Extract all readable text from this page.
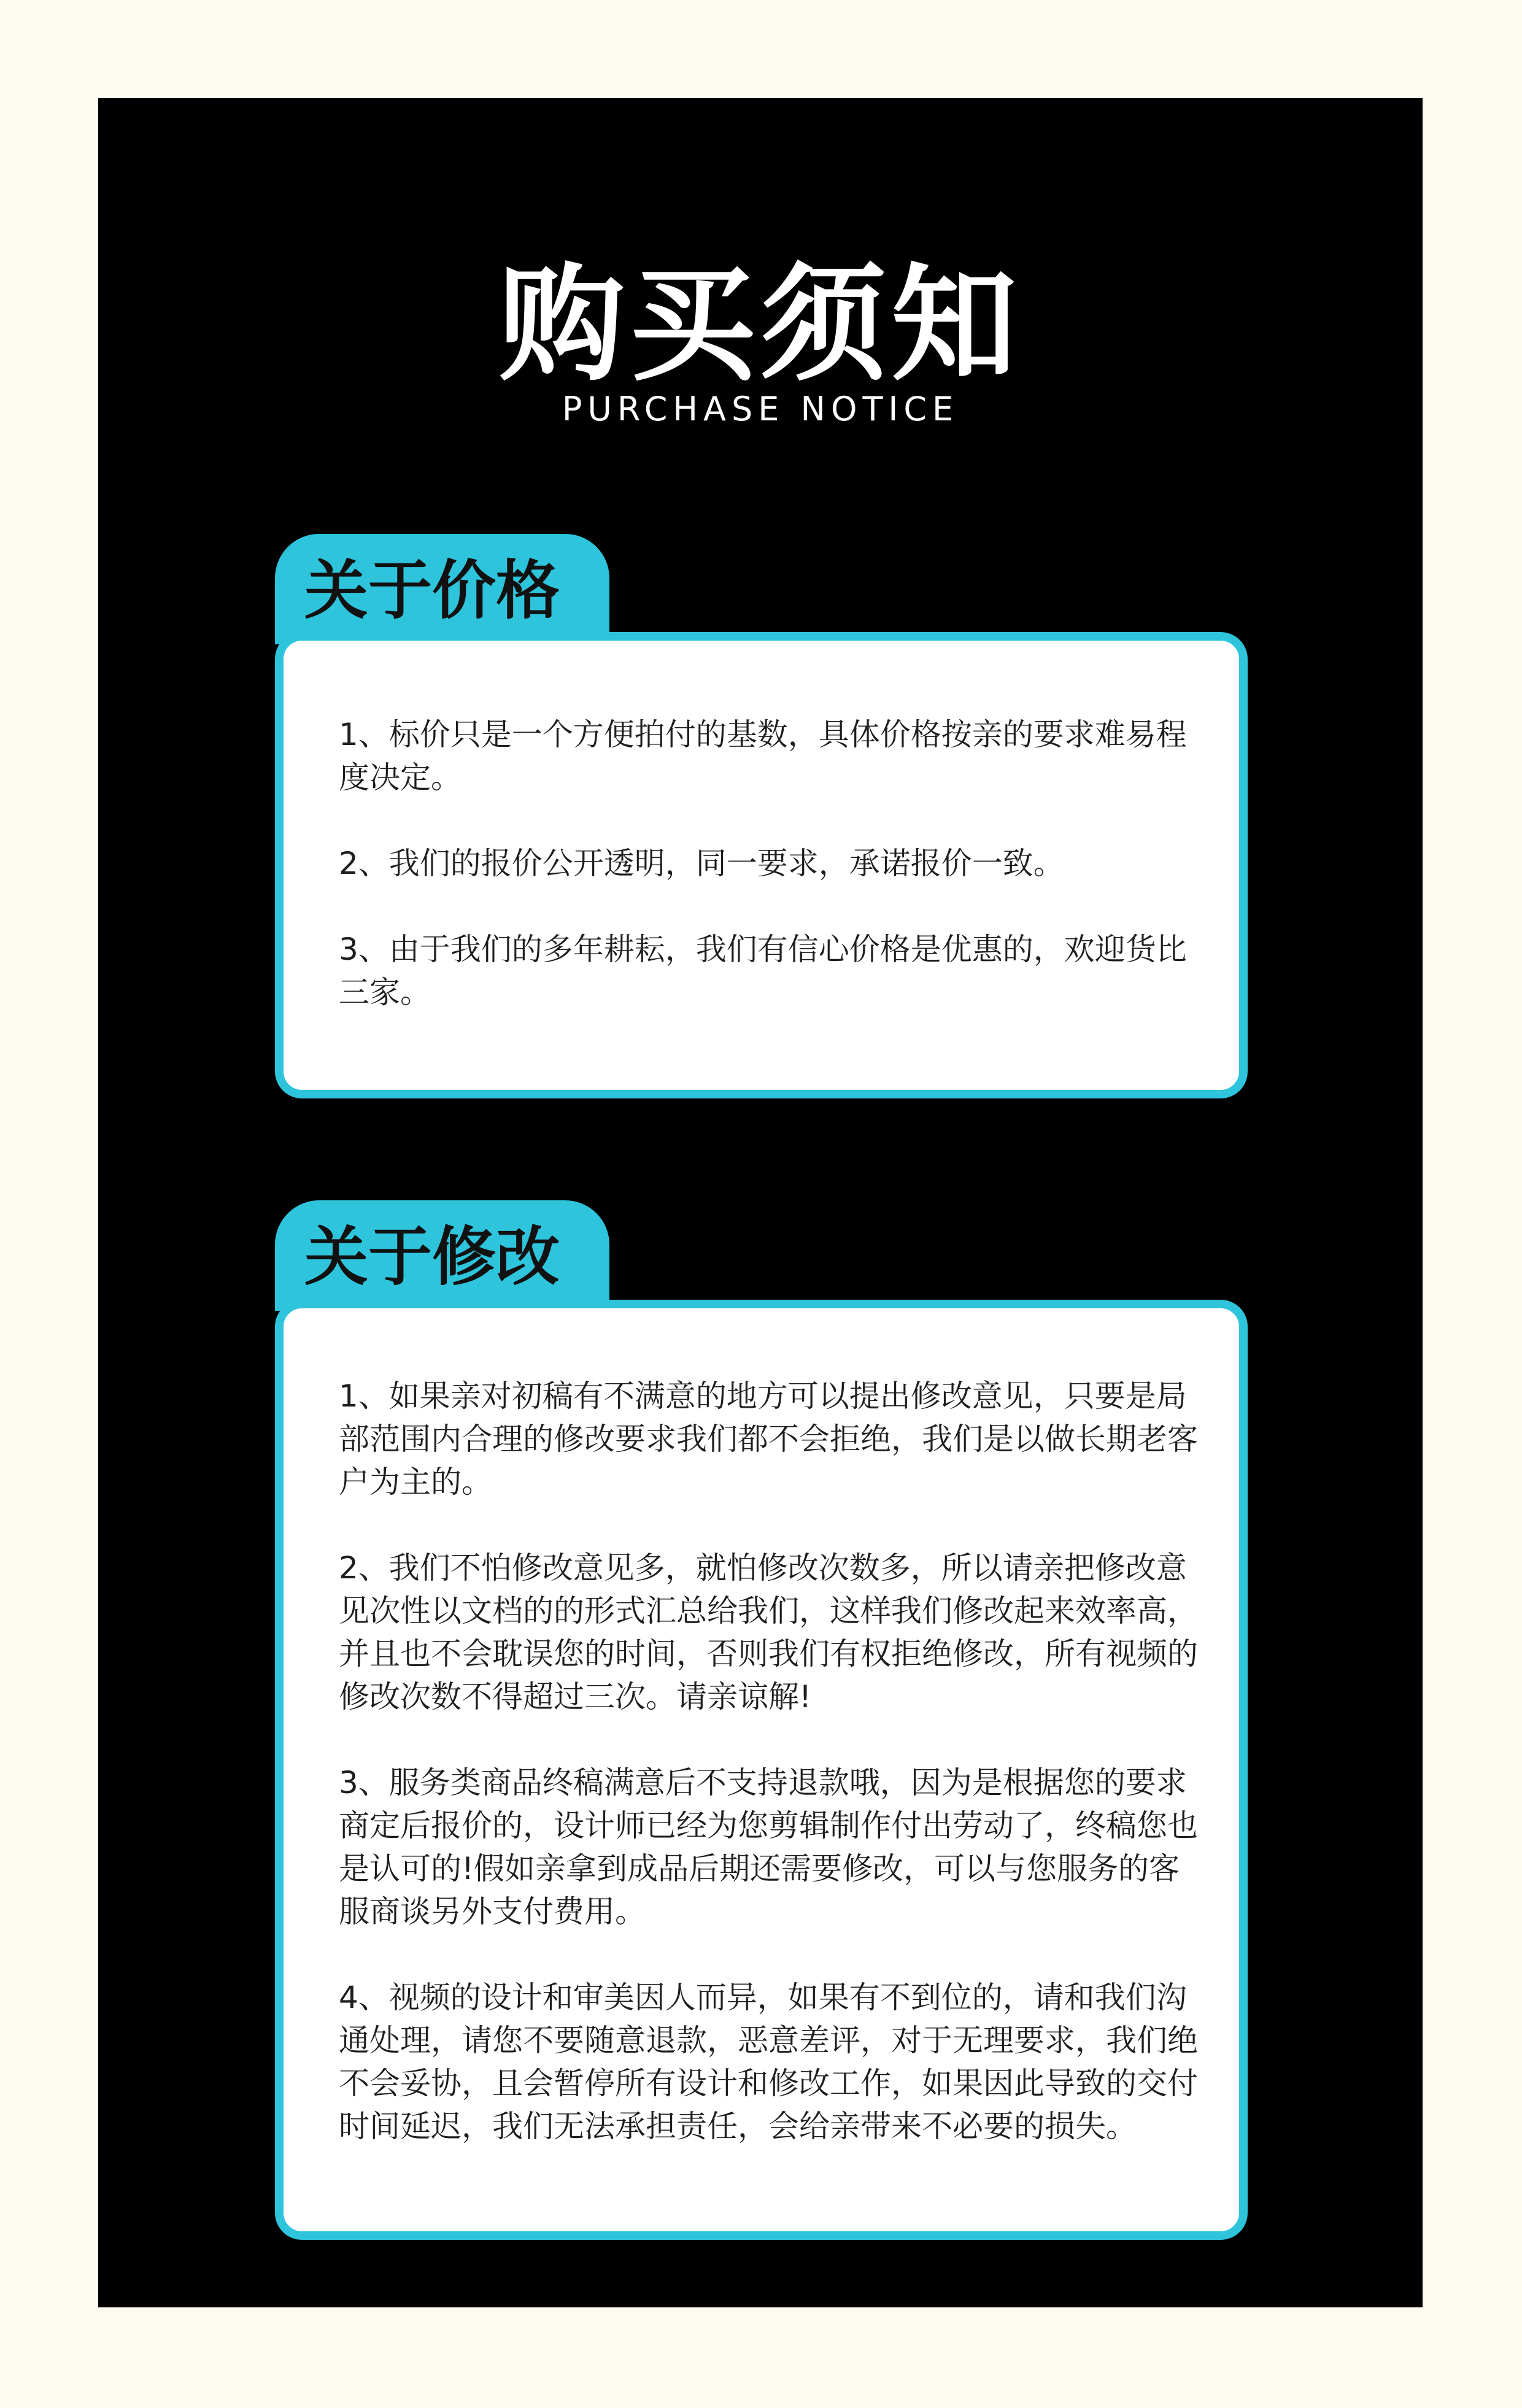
购买须知
PURCHASE NOTICE
关于价格

1、标价只是一个方便拍付的基数，具体价格按亲的要求难易程度决定。

2、我们的报价公开透明，同一要求，承诺报价一致。

3、由于我们的多年耕耘，我们有信心价格是优惠的，欢迎货比三家。

关于修改

1、如果亲对初稿有不满意的地方可以提出修改意见，只要是局部范围内合理的修改要求我们都不会拒绝，我们是以做长期老客户为主的。

2、我们不怕修改意见多，就怕修改次数多，所以请亲把修改意见次性以文档的的形式汇总给我们，这样我们修改起来效率高，并且也不会耽误您的时间，否则我们有权拒绝修改，所有视频的修改次数不得超过三次。请亲谅解!

3、服务类商品终稿满意后不支持退款哦，因为是根据您的要求商定后报价的，设计师已经为您剪辑制作付出劳动了，终稿您也是认可的!假如亲拿到成品后期还需要修改，可以与您服务的客服商谈另外支付费用。

4、视频的设计和审美因人而异，如果有不到位的，请和我们沟通处理，请您不要随意退款，恶意差评，对于无理要求，我们绝不会妥协，且会暂停所有设计和修改工作，如果因此导致的交付时间延迟，我们无法承担责任，会给亲带来不必要的损失。
